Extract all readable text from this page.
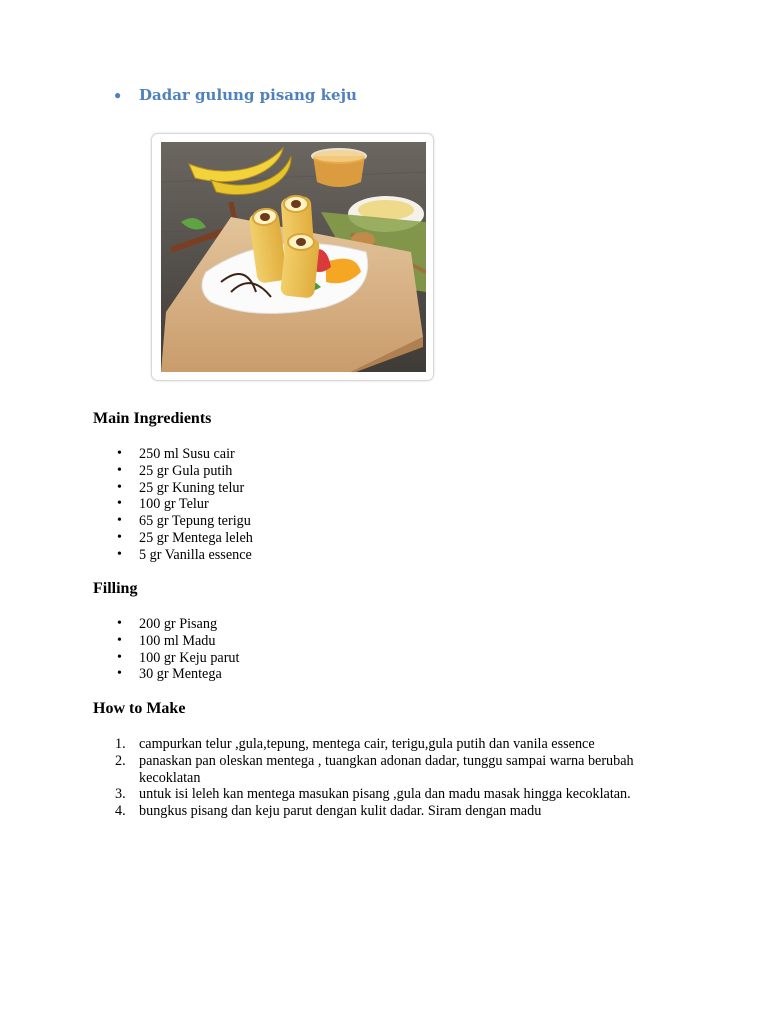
●	Dadar gulung pisang keju
Main Ingredients
• 250 ml Susu cair
• 25 gr Gula putih
• 25 gr Kuning telur
• 100 gr Telur
• 65 gr Tepung terigu
• 25 gr Mentega leleh
• 5 gr Vanilla essence
Filling
• 200 gr Pisang
• 100 ml Madu
• 100 gr Keju parut
• 30 gr Mentega
How to Make
1. campurkan telur ,gula,tepung, mentega cair, terigu,gula putih dan vanila essence
2. panaskan pan oleskan mentega , tuangkan adonan dadar, tunggu sampai warna berubah kecoklatan
3. untuk isi leleh kan mentega masukan pisang ,gula dan madu masak hingga kecoklatan.
4. bungkus pisang dan keju parut dengan kulit dadar. Siram dengan madu
